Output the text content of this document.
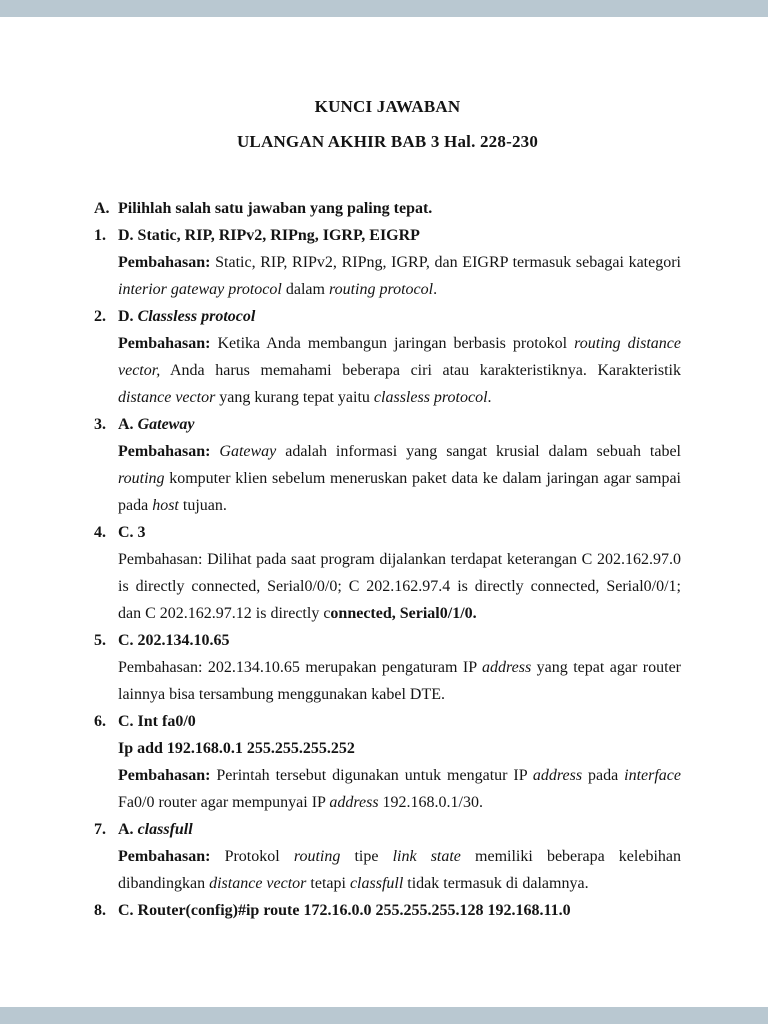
KUNCI JAWABAN
ULANGAN AKHIR BAB 3 Hal. 228-230
A. Pilihlah salah satu jawaban yang paling tepat.
1. D. Static, RIP, RIPv2, RIPng, IGRP, EIGRP
Pembahasan: Static, RIP, RIPv2, RIPng, IGRP, dan EIGRP termasuk sebagai kategori interior gateway protocol dalam routing protocol.
2. D. Classless protocol
Pembahasan: Ketika Anda membangun jaringan berbasis protokol routing distance vector, Anda harus memahami beberapa ciri atau karakteristiknya. Karakteristik distance vector yang kurang tepat yaitu classless protocol.
3. A. Gateway
Pembahasan: Gateway adalah informasi yang sangat krusial dalam sebuah tabel routing komputer klien sebelum meneruskan paket data ke dalam jaringan agar sampai pada host tujuan.
4. C. 3
Pembahasan: Dilihat pada saat program dijalankan terdapat keterangan C 202.162.97.0 is directly connected, Serial0/0/0; C 202.162.97.4 is directly connected, Serial0/0/1; dan C 202.162.97.12 is directly connected, Serial0/1/0.
5. C. 202.134.10.65
Pembahasan: 202.134.10.65 merupakan pengaturam IP address yang tepat agar router lainnya bisa tersambung menggunakan kabel DTE.
6. C. Int fa0/0
Ip add 192.168.0.1 255.255.255.252
Pembahasan: Perintah tersebut digunakan untuk mengatur IP address pada interface Fa0/0 router agar mempunyai IP address 192.168.0.1/30.
7. A. classfull
Pembahasan: Protokol routing tipe link state memiliki beberapa kelebihan dibandingkan distance vector tetapi classfull tidak termasuk di dalamnya.
8. C. Router(config)#ip route 172.16.0.0 255.255.255.128 192.168.11.0
